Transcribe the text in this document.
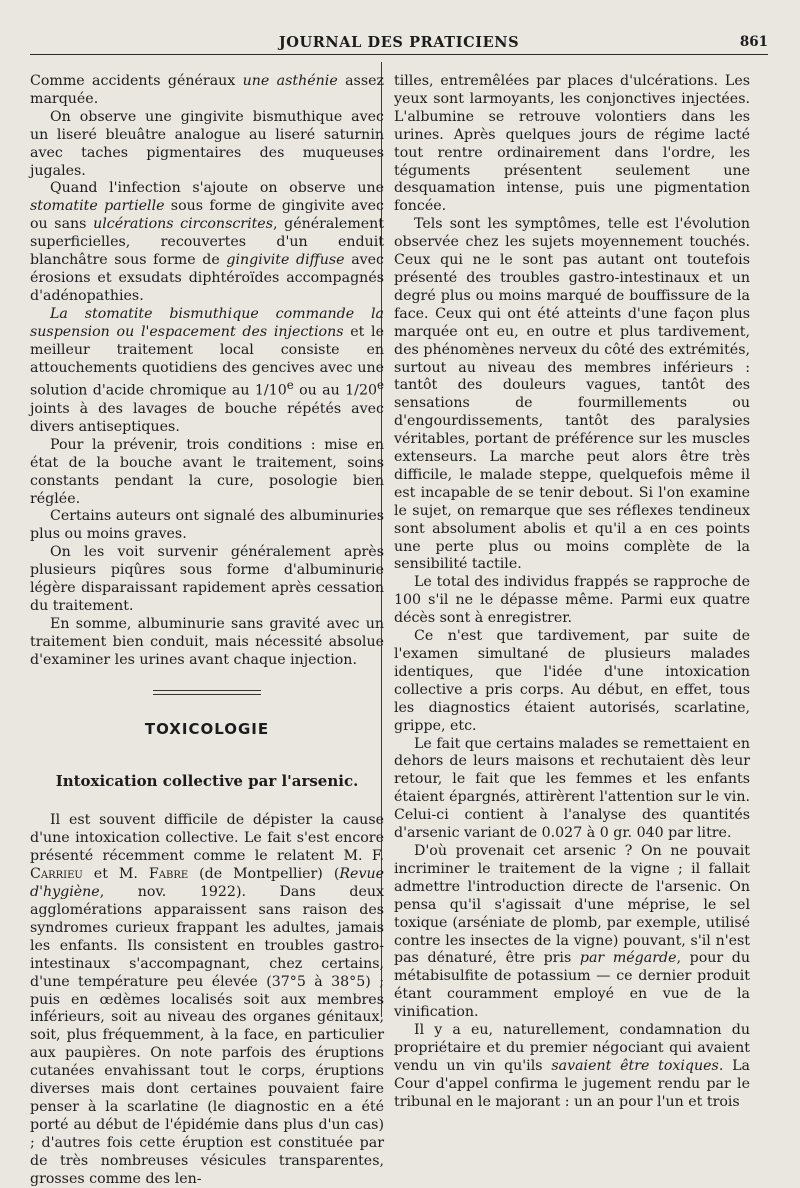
JOURNAL DES PRATICIENS	861

Comme accidents généraux une asthénie assez marquée.

On observe une gingivite bismuthique avec un liseré bleuâtre analogue au liseré saturnin avec taches pigmentaires des muqueuses jugales.

Quand l'infection s'ajoute on observe une stomatite partielle sous forme de gingivite avec ou sans ulcérations circonscrites, généralement superficielles, recouvertes d'un enduit blanchâtre sous forme de gingivite diffuse avec érosions et exsudats diphtéroïdes accompagnés d'adénopathies.

La stomatite bismuthique commande la suspension ou l'espacement des injections et le meilleur traitement local consiste en attouchements quotidiens des gencives avec une solution d'acide chromique au 1/10e ou au 1/20e joints à des lavages de bouche répétés avec divers antiseptiques.

Pour la prévenir, trois conditions : mise en état de la bouche avant le traitement, soins constants pendant la cure, posologie bien réglée.

Certains auteurs ont signalé des albuminuries plus ou moins graves.

On les voit survenir généralement après plusieurs piqûres sous forme d'albuminurie légère disparaissant rapidement après cessation du traitement.

En somme, albuminurie sans gravité avec un traitement bien conduit, mais nécessité absolue d'examiner les urines avant chaque injection.

TOXICOLOGIE
Intoxication collective par l'arsenic.

Il est souvent difficile de dépister la cause d'une intoxication collective. Le fait s'est encore présenté récemment comme le relatent M. F. Carrieu et M. Fabre (de Montpellier) (Revue d'hygiène, nov. 1922). Dans deux agglomérations apparaissent sans raison des syndromes curieux frappant les adultes, jamais les enfants. Ils consistent en troubles gastro-intestinaux s'accompagnant, chez certains, d'une température peu élevée (37°5 à 38°5) ; puis en œdèmes localisés soit aux membres inférieurs, soit au niveau des organes génitaux, soit, plus fréquemment, à la face, en particulier aux paupières. On note parfois des éruptions cutanées envahissant tout le corps, éruptions diverses mais dont certaines pouvaient faire penser à la scarlatine (le diagnostic en a été porté au début de l'épidémie dans plus d'un cas) ; d'autres fois cette éruption est constituée par de très nombreuses vésicules transparentes, grosses comme des len-

tilles, entremêlées par places d'ulcérations. Les yeux sont larmoyants, les conjonctives injectées. L'albumine se retrouve volontiers dans les urines. Après quelques jours de régime lacté tout rentre ordinairement dans l'ordre, les téguments présentent seulement une desquamation intense, puis une pigmentation foncée.

Tels sont les symptômes, telle est l'évolution observée chez les sujets moyennement touchés. Ceux qui ne le sont pas autant ont toutefois présenté des troubles gastro-intestinaux et un degré plus ou moins marqué de bouffissure de la face. Ceux qui ont été atteints d'une façon plus marquée ont eu, en outre et plus tardivement, des phénomènes nerveux du côté des extrémités, surtout au niveau des membres inférieurs : tantôt des douleurs vagues, tantôt des sensations de fourmillements ou d'engourdissements, tantôt des paralysies véritables, portant de préférence sur les muscles extenseurs. La marche peut alors être très difficile, le malade steppe, quelquefois même il est incapable de se tenir debout. Si l'on examine le sujet, on remarque que ses réflexes tendineux sont absolument abolis et qu'il a en ces points une perte plus ou moins complète de la sensibilité tactile.

Le total des individus frappés se rapproche de 100 s'il ne le dépasse même. Parmi eux quatre décès sont à enregistrer.

Ce n'est que tardivement, par suite de l'examen simultané de plusieurs malades identiques, que l'idée d'une intoxication collective a pris corps. Au début, en effet, tous les diagnostics étaient autorisés, scarlatine, grippe, etc.

Le fait que certains malades se remettaient en dehors de leurs maisons et rechutaient dès leur retour, le fait que les femmes et les enfants étaient épargnés, attirèrent l'attention sur le vin. Celui-ci contient à l'analyse des quantités d'arsenic variant de 0.027 à 0 gr. 040 par litre.

D'où provenait cet arsenic ? On ne pouvait incriminer le traitement de la vigne ; il fallait admettre l'introduction directe de l'arsenic. On pensa qu'il s'agissait d'une méprise, le sel toxique (arséniate de plomb, par exemple, utilisé contre les insectes de la vigne) pouvant, s'il n'est pas dénaturé, être pris par mégarde, pour du métabisulfite de potassium — ce dernier produit étant couramment employé en vue de la vinification.

Il y a eu, naturellement, condamnation du propriétaire et du premier négociant qui avaient vendu un vin qu'ils savaient être toxiques. La Cour d'appel confirma le jugement rendu par le tribunal en le majorant : un an pour l'un et trois
